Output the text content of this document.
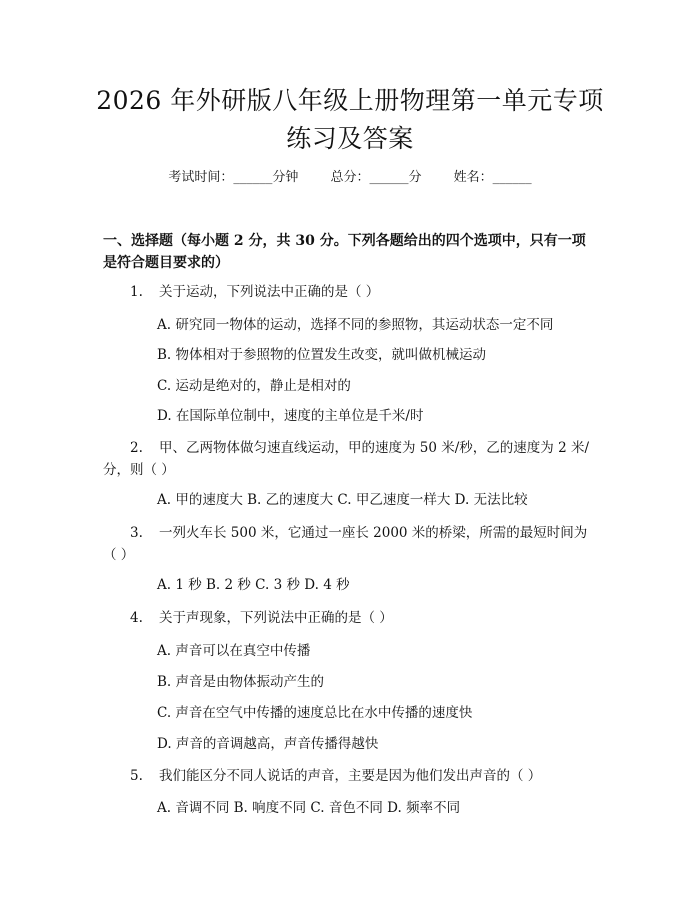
2026 年外研版八年级上册物理第一单元专项
练习及答案
考试时间：______分钟 总分：______分 姓名：______
一、选择题（每小题 2 分，共 30 分。下列各题给出的四个选项中，只有一项是符合题目要求的）
1. 关于运动，下列说法中正确的是（ ）
A. 研究同一物体的运动，选择不同的参照物，其运动状态一定不同
B. 物体相对于参照物的位置发生改变，就叫做机械运动
C. 运动是绝对的，静止是相对的
D. 在国际单位制中，速度的主单位是千米/时
2. 甲、乙两物体做匀速直线运动，甲的速度为 50 米/秒，乙的速度为 2 米/分，则（ ）
A. 甲的速度大 B. 乙的速度大 C. 甲乙速度一样大 D. 无法比较
3. 一列火车长 500 米，它通过一座长 2000 米的桥梁，所需的最短时间为（ ）
A. 1 秒 B. 2 秒 C. 3 秒 D. 4 秒
4. 关于声现象，下列说法中正确的是（ ）
A. 声音可以在真空中传播
B. 声音是由物体振动产生的
C. 声音在空气中传播的速度总比在水中传播的速度快
D. 声音的音调越高，声音传播得越快
5. 我们能区分不同人说话的声音，主要是因为他们发出声音的（ ）
A. 音调不同 B. 响度不同 C. 音色不同 D. 频率不同
